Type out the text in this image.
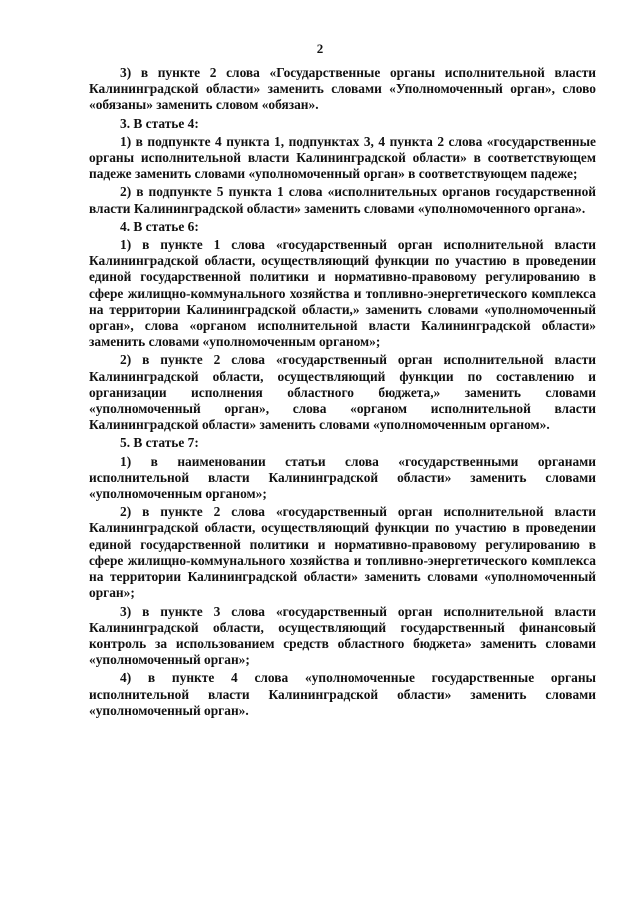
2

3) в пункте 2 слова «Государственные органы исполнительной власти Калининградской области» заменить словами «Уполномоченный орган», слово «обязаны» заменить словом «обязан».

3. В статье 4:

1) в подпункте 4 пункта 1, подпунктах 3, 4 пункта 2 слова «государственные органы исполнительной власти Калининградской области» в соответствующем падеже заменить словами «уполномоченный орган» в соответствующем падеже;

2) в подпункте 5 пункта 1 слова «исполнительных органов государственной власти Калининградской области» заменить словами «уполномоченного органа».

4. В статье 6:

1) в пункте 1 слова «государственный орган исполнительной власти Калининградской области, осуществляющий функции по участию в проведении единой государственной политики и нормативно-правовому регулированию в сфере жилищно-коммунального хозяйства и топливно-энергетического комплекса на территории Калининградской области,» заменить словами «уполномоченный орган», слова «органом исполнительной власти Калининградской области» заменить словами «уполномоченным органом»;

2) в пункте 2 слова «государственный орган исполнительной власти Калининградской области, осуществляющий функции по составлению и организации исполнения областного бюджета,» заменить словами «уполномоченный орган», слова «органом исполнительной власти Калининградской области» заменить словами «уполномоченным органом».

5. В статье 7:

1) в наименовании статьи слова «государственными органами исполнительной власти Калининградской области» заменить словами «уполномоченным органом»;

2) в пункте 2 слова «государственный орган исполнительной власти Калининградской области, осуществляющий функции по участию в проведении единой государственной политики и нормативно-правовому регулированию в сфере жилищно-коммунального хозяйства и топливно-энергетического комплекса на территории Калининградской области» заменить словами «уполномоченный орган»;

3) в пункте 3 слова «государственный орган исполнительной власти Калининградской области, осуществляющий государственный финансовый контроль за использованием средств областного бюджета» заменить словами «уполномоченный орган»;

4) в пункте 4 слова «уполномоченные государственные органы исполнительной власти Калининградской области» заменить словами «уполномоченный орган».
